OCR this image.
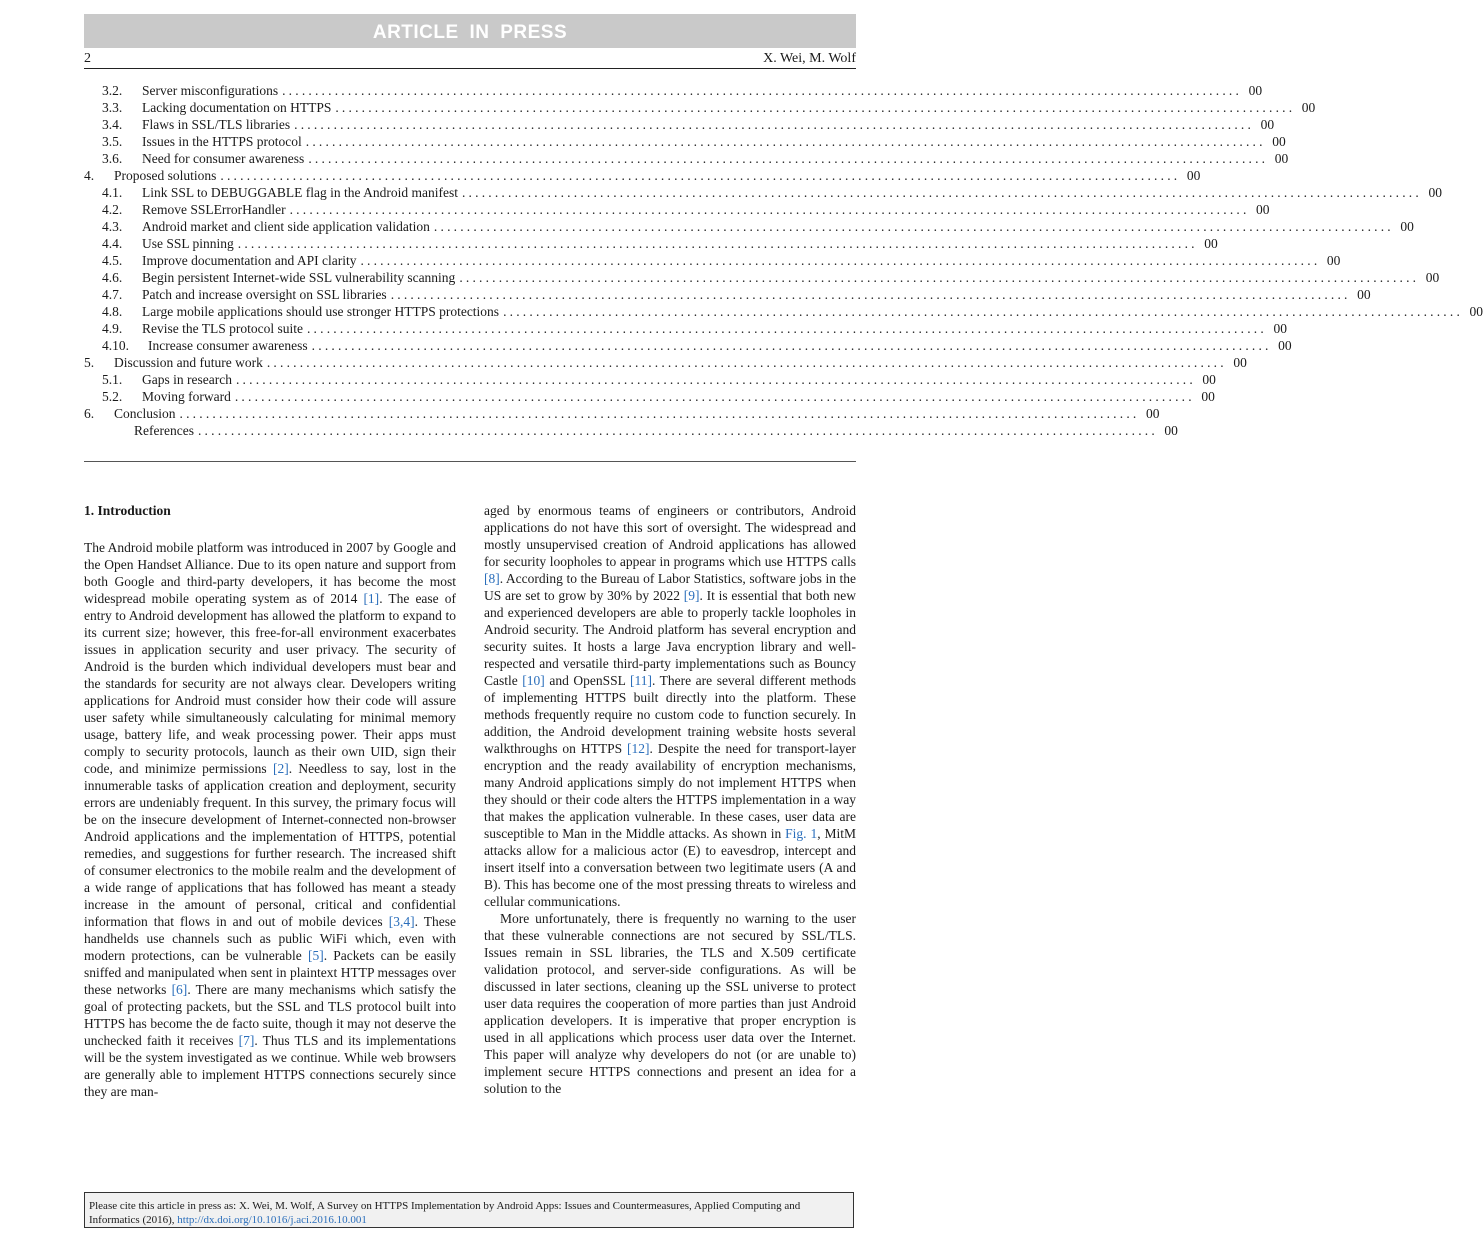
ARTICLE IN PRESS
2	X. Wei, M. Wolf
3.2.	Server misconfigurations .................................................................................................................................................. 00
3.3.	Lacking documentation on HTTPS .................................................................................................................................................. 00
3.4.	Flaws in SSL/TLS libraries .................................................................................................................................................. 00
3.5.	Issues in the HTTPS protocol .................................................................................................................................................. 00
3.6.	Need for consumer awareness .................................................................................................................................................. 00
4.	Proposed solutions .................................................................................................................................................. 00
4.1.	Link SSL to DEBUGGABLE flag in the Android manifest .................................................................................................................................................. 00
4.2.	Remove SSLErrorHandler .................................................................................................................................................. 00
4.3.	Android market and client side application validation .................................................................................................................................................. 00
4.4.	Use SSL pinning .................................................................................................................................................. 00
4.5.	Improve documentation and API clarity .................................................................................................................................................. 00
4.6.	Begin persistent Internet-wide SSL vulnerability scanning .................................................................................................................................................. 00
4.7.	Patch and increase oversight on SSL libraries .................................................................................................................................................. 00
4.8.	Large mobile applications should use stronger HTTPS protections .................................................................................................................................................. 00
4.9.	Revise the TLS protocol suite .................................................................................................................................................. 00
4.10.	Increase consumer awareness .................................................................................................................................................. 00
5.	Discussion and future work .................................................................................................................................................. 00
5.1.	Gaps in research .................................................................................................................................................. 00
5.2.	Moving forward .................................................................................................................................................. 00
6.	Conclusion .................................................................................................................................................. 00
References .................................................................................................................................................. 00
1. Introduction

The Android mobile platform was introduced in 2007 by Google and the Open Handset Alliance. Due to its open nature and support from both Google and third-party developers, it has become the most widespread mobile operating system as of 2014 [1]. The ease of entry to Android development has allowed the platform to expand to its current size; however, this free-for-all environment exacerbates issues in application security and user privacy. The security of Android is the burden which individual developers must bear and the standards for security are not always clear. Developers writing applications for Android must consider how their code will assure user safety while simultaneously calculating for minimal memory usage, battery life, and weak processing power. Their apps must comply to security protocols, launch as their own UID, sign their code, and minimize permissions [2]. Needless to say, lost in the innumerable tasks of application creation and deployment, security errors are undeniably frequent. In this survey, the primary focus will be on the insecure development of Internet-connected non-browser Android applications and the implementation of HTTPS, potential remedies, and suggestions for further research. The increased shift of consumer electronics to the mobile realm and the development of a wide range of applications that has followed has meant a steady increase in the amount of personal, critical and confidential information that flows in and out of mobile devices [3,4]. These handhelds use channels such as public WiFi which, even with modern protections, can be vulnerable [5]. Packets can be easily sniffed and manipulated when sent in plaintext HTTP messages over these networks [6]. There are many mechanisms which satisfy the goal of protecting packets, but the SSL and TLS protocol built into HTTPS has become the de facto suite, though it may not deserve the unchecked faith it receives [7]. Thus TLS and its implementations will be the system investigated as we continue. While web browsers are generally able to implement HTTPS connections securely since they are man-

aged by enormous teams of engineers or contributors, Android applications do not have this sort of oversight. The widespread and mostly unsupervised creation of Android applications has allowed for security loopholes to appear in programs which use HTTPS calls [8]. According to the Bureau of Labor Statistics, software jobs in the US are set to grow by 30% by 2022 [9]. It is essential that both new and experienced developers are able to properly tackle loopholes in Android security. The Android platform has several encryption and security suites. It hosts a large Java encryption library and well-respected and versatile third-party implementations such as Bouncy Castle [10] and OpenSSL [11]. There are several different methods of implementing HTTPS built directly into the platform. These methods frequently require no custom code to function securely. In addition, the Android development training website hosts several walkthroughs on HTTPS [12]. Despite the need for transport-layer encryption and the ready availability of encryption mechanisms, many Android applications simply do not implement HTTPS when they should or their code alters the HTTPS implementation in a way that makes the application vulnerable. In these cases, user data are susceptible to Man in the Middle attacks. As shown in Fig. 1, MitM attacks allow for a malicious actor (E) to eavesdrop, intercept and insert itself into a conversation between two legitimate users (A and B). This has become one of the most pressing threats to wireless and cellular communications.

More unfortunately, there is frequently no warning to the user that these vulnerable connections are not secured by SSL/TLS. Issues remain in SSL libraries, the TLS and X.509 certificate validation protocol, and server-side configurations. As will be discussed in later sections, cleaning up the SSL universe to protect user data requires the cooperation of more parties than just Android application developers. It is imperative that proper encryption is used in all applications which process user data over the Internet. This paper will analyze why developers do not (or are unable to) implement secure HTTPS connections and present an idea for a solution to the

Please cite this article in press as: X. Wei, M. Wolf, A Survey on HTTPS Implementation by Android Apps: Issues and Countermeasures, Applied Computing and Informatics (2016), http://dx.doi.org/10.1016/j.aci.2016.10.001
